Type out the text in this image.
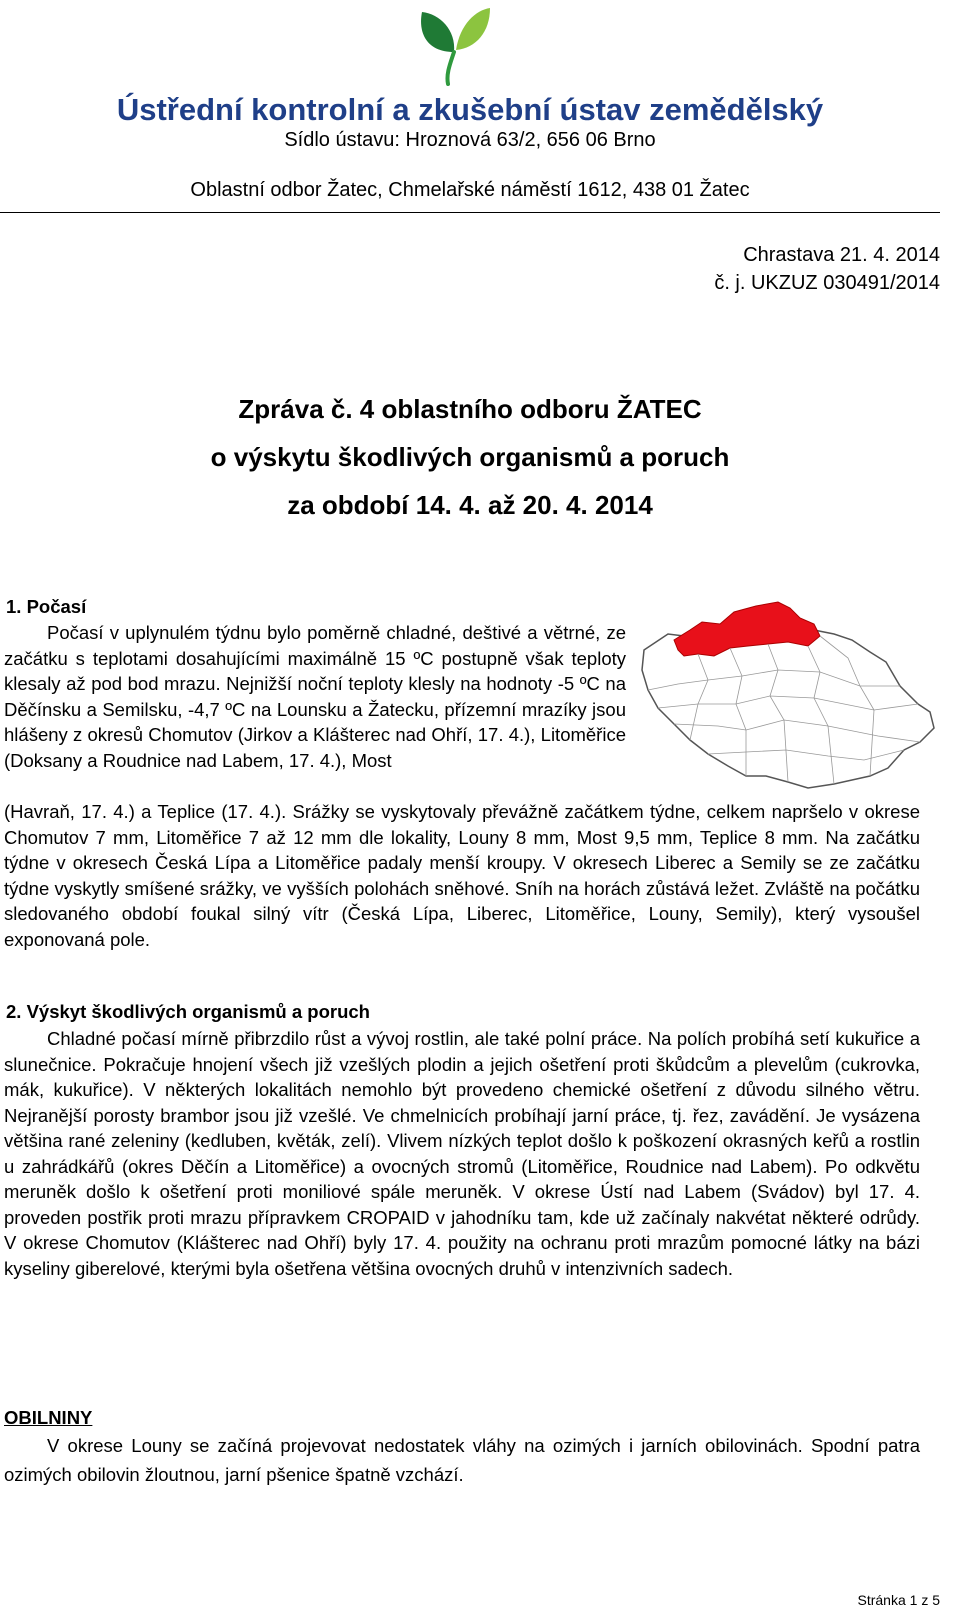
Ústřední kontrolní a zkušební ústav zemědělský
Sídlo ústavu: Hroznová 63/2, 656 06 Brno
Oblastní odbor Žatec, Chmelařské náměstí 1612, 438 01 Žatec
Chrastava 21. 4. 2014
č. j. UKZUZ 030491/2014
Zpráva č. 4 oblastního odboru ŽATEC
o výskytu škodlivých organismů a poruch
za období 14. 4. až 20. 4. 2014
1. Počasí
Počasí v uplynulém týdnu bylo poměrně chladné, deštivé a větrné, ze začátku s teplotami dosahujícími maximálně 15 ºC postupně však teploty klesaly až pod bod mrazu. Nejnižší noční teploty klesly na hodnoty -5 ºC na Děčínsku a Semilsku, -4,7 ºC na Lounsku a Žatecku, přízemní mrazíky jsou hlášeny z okresů Chomutov (Jirkov a Klášterec nad Ohří, 17. 4.), Litoměřice (Doksany a Roudnice nad Labem, 17. 4.), Most
(Havraň, 17. 4.) a Teplice (17. 4.). Srážky se vyskytovaly převážně začátkem týdne, celkem napršelo v okrese Chomutov 7 mm, Litoměřice 7 až 12 mm dle lokality, Louny 8 mm, Most 9,5 mm, Teplice 8 mm. Na začátku týdne v okresech Česká Lípa a Litoměřice padaly menší kroupy. V okresech Liberec a Semily se ze začátku týdne vyskytly smíšené srážky, ve vyšších polohách sněhové. Sníh na horách zůstává ležet. Zvláště na počátku sledovaného období foukal silný vítr (Česká Lípa, Liberec, Litoměřice, Louny, Semily), který vysoušel exponovaná pole.
2. Výskyt škodlivých organismů a poruch
Chladné počasí mírně přibrzdilo růst a vývoj rostlin, ale také polní práce. Na polích probíhá setí kukuřice a slunečnice. Pokračuje hnojení všech již vzešlých plodin a jejich ošetření proti škůdcům a plevelům (cukrovka, mák, kukuřice). V některých lokalitách nemohlo být provedeno chemické ošetření z důvodu silného větru. Nejranější porosty brambor jsou již vzešlé. Ve chmelnicích probíhají jarní práce, tj. řez, zavádění. Je vysázena většina rané zeleniny (kedluben, květák, zelí). Vlivem nízkých teplot došlo k poškození okrasných keřů a rostlin u zahrádkářů (okres Děčín a Litoměřice) a ovocných stromů (Litoměřice, Roudnice nad Labem). Po odkvětu meruněk došlo k ošetření proti moniliové spále meruněk. V okrese Ústí nad Labem (Svádov) byl 17. 4. proveden postřik proti mrazu přípravkem CROPAID v jahodníku tam, kde už začínaly nakvétat některé odrůdy. V okrese Chomutov (Klášterec nad Ohří) byly 17. 4. použity na ochranu proti mrazům pomocné látky na bázi kyseliny giberelové, kterými byla ošetřena většina ovocných druhů v intenzivních sadech.
OBILNINY
V okrese Louny se začíná projevovat nedostatek vláhy na ozimých i jarních obilovinách. Spodní patra ozimých obilovin žloutnou, jarní pšenice špatně vzchází.
Stránka 1 z 5
